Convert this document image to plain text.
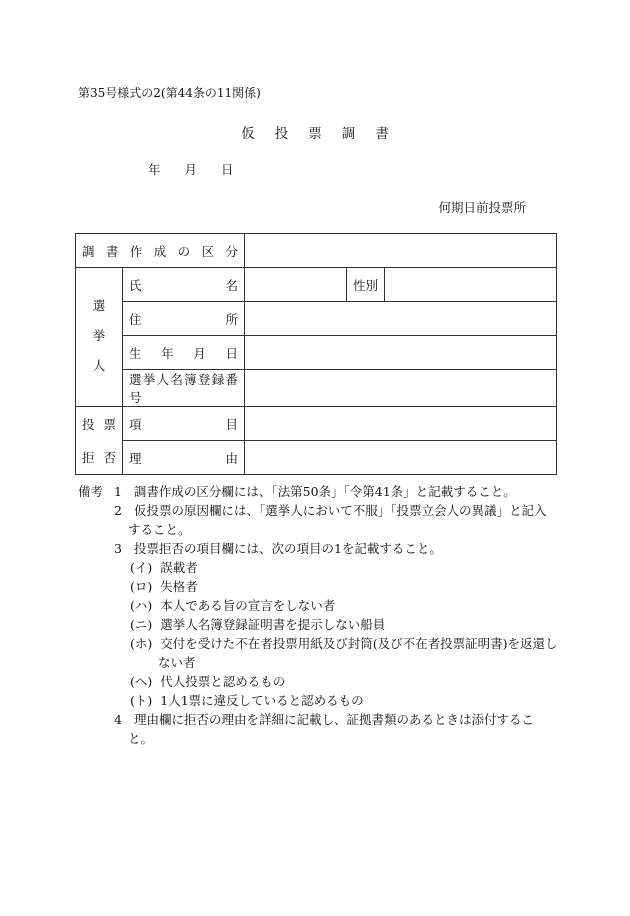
第35号様式の2(第44条の11関係)
仮投票調書
年 月 日
何期日前投票所
調書作成の区分				
選挙人	氏名		性別	
	住所			
	生年月日			
	選挙人名簿登録番号			
投票	項目			
拒否	理由			
備考 1 調書作成の区分欄には、「法第50条」「令第41条」と記載すること。
2 仮投票の原因欄には、「選挙人において不服」「投票立会人の異議」と記入すること。
3 投票拒否の項目欄には、次の項目の1を記載すること。
(イ) 誤載者
(ロ) 失格者
(ハ) 本人である旨の宣言をしない者
(ニ) 選挙人名簿登録証明書を提示しない船員
(ホ) 交付を受けた不在者投票用紙及び封筒(及び不在者投票証明書)を返還しない者
(ヘ) 代人投票と認めるもの
(ト) 1人1票に違反していると認めるもの
4 理由欄に拒否の理由を詳細に記載し、証拠書類のあるときは添付すること。
